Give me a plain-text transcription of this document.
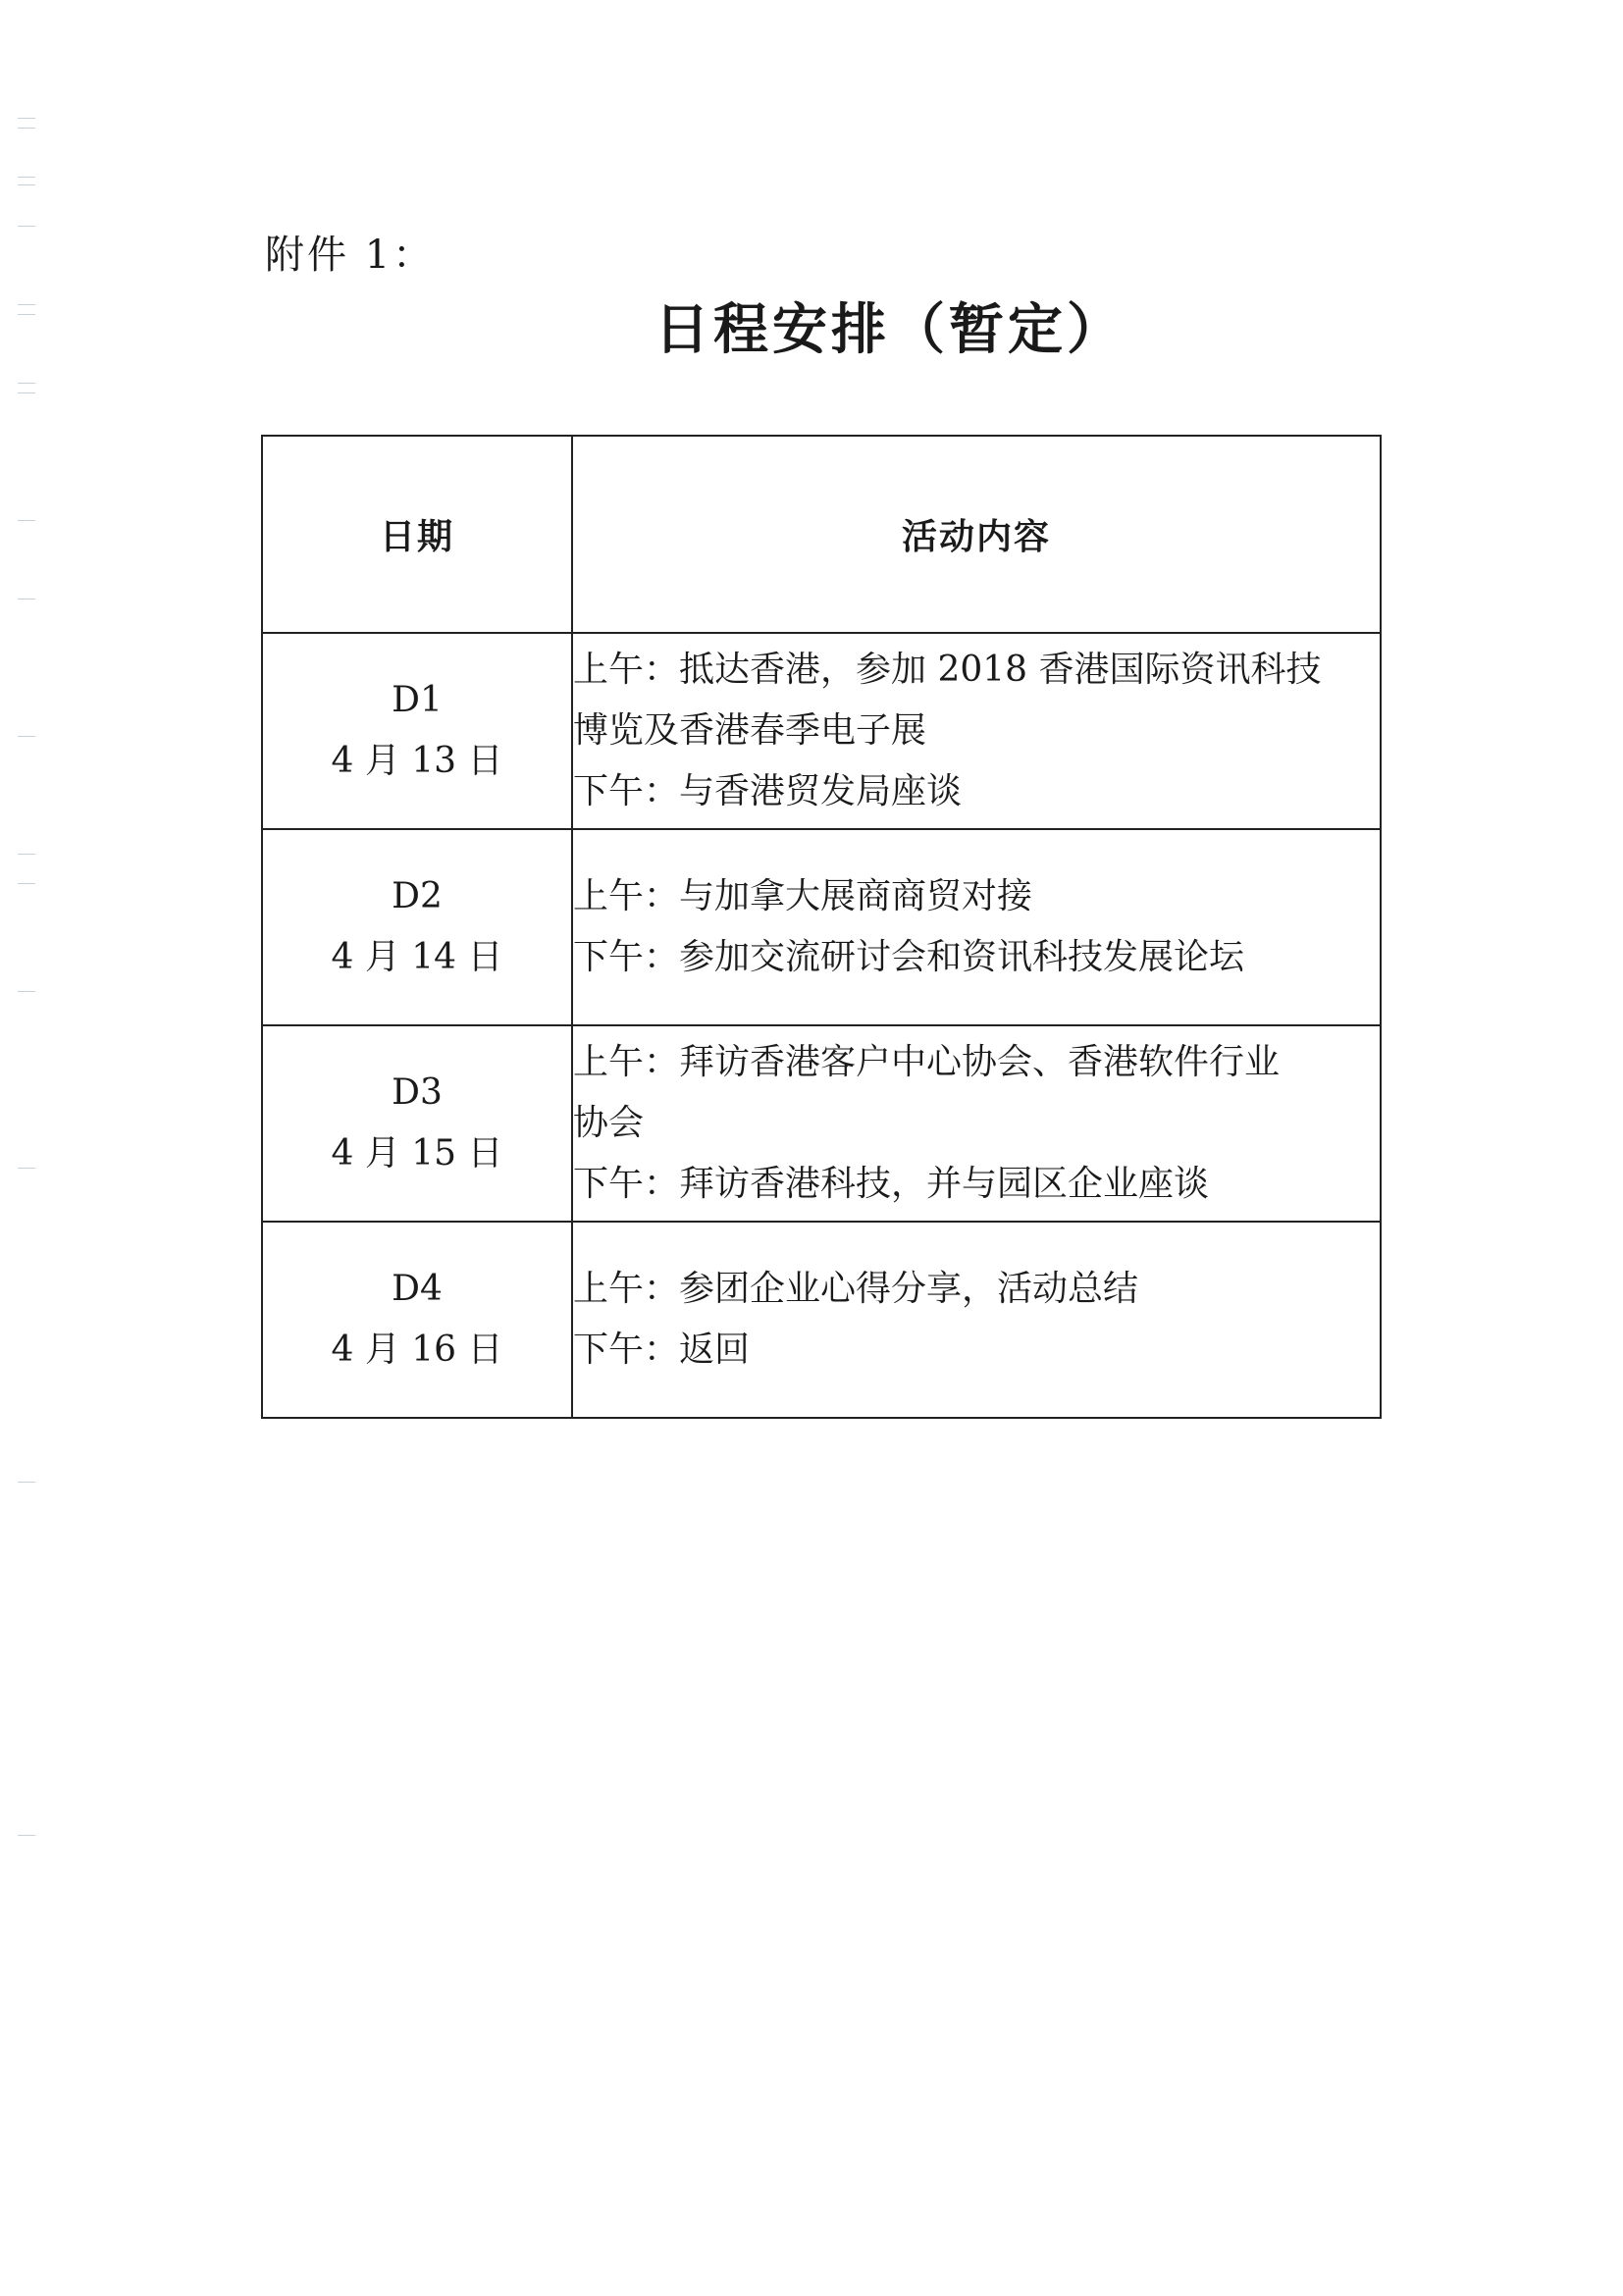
附件 1：
日程安排（暂定）
日期	活动内容

D1
4 月 13 日	上午：抵达香港，参加 2018 香港国际资讯科技
博览及香港春季电子展
下午：与香港贸发局座谈

D2
4 月 14 日	上午：与加拿大展商商贸对接
下午：参加交流研讨会和资讯科技发展论坛

D3
4 月 15 日	上午：拜访香港客户中心协会、香港软件行业
协会
下午：拜访香港科技，并与园区企业座谈

D4
4 月 16 日	上午：参团企业心得分享，活动总结
下午：返回
